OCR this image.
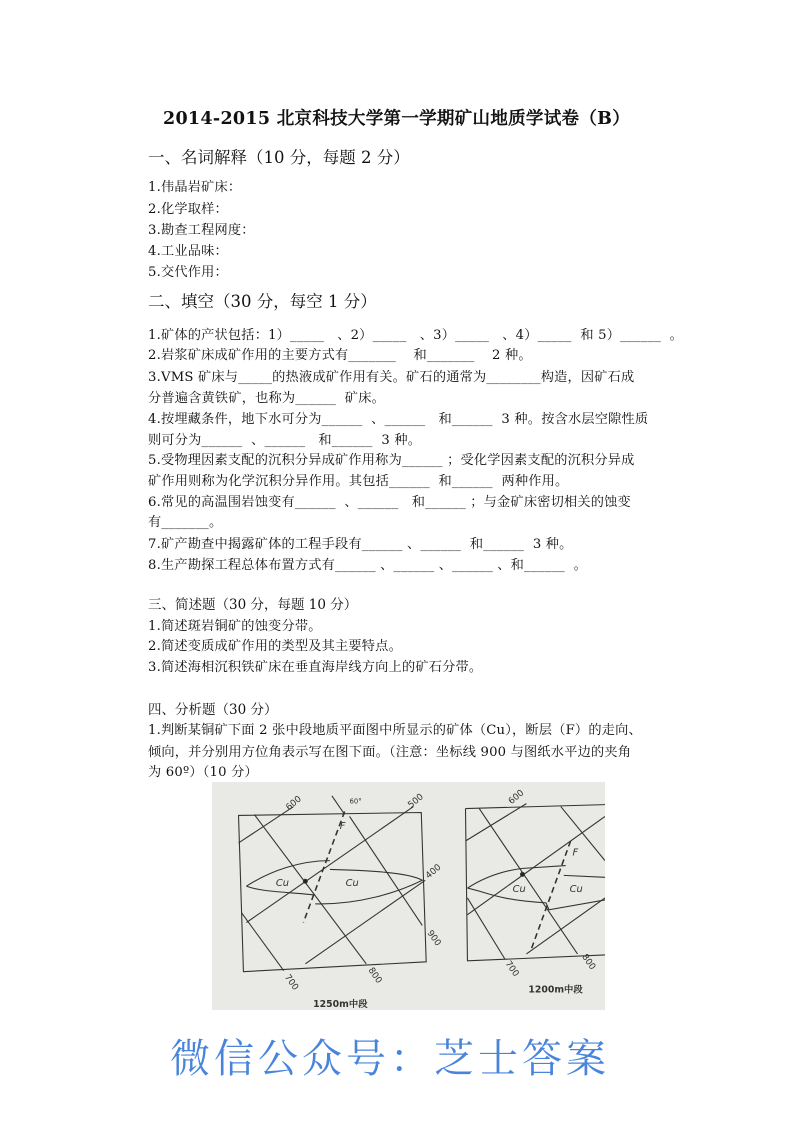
2014-2015 北京科技大学第一学期矿山地质学试卷（B）
一、名词解释（10 分，每题 2 分）
1.伟晶岩矿床：
2.化学取样：
3.勘查工程网度：
4.工业品味：
5.交代作用：
二、填空（30 分，每空 1 分）
1.矿体的产状包括：1）_____   、2）_____   、3）_____   、4）_____  和 5）______  。
2.岩浆矿床成矿作用的主要方式有_______    和_______    2 种。
3.VMS 矿床与_____的热液成矿作用有关。矿石的通常为________构造，因矿石成
分普遍含黄铁矿，也称为______  矿床。
4.按埋藏条件，地下水可分为______  、______   和______  3 种。按含水层空隙性质
则可分为______  、______   和______  3 种。
5.受物理因素支配的沉积分异成矿作用称为______ ；受化学因素支配的沉积分异成
矿作用则称为化学沉积分异作用。其包括______  和______  两种作用。
6.常见的高温围岩蚀变有______  、______   和______ ；与金矿床密切相关的蚀变
有_______。
7.矿产勘查中揭露矿体的工程手段有______ 、______  和______  3 种。
8.生产勘探工程总体布置方式有______ 、______ 、______ 、和______  。
三、简述题（30 分，每题 10 分）
1.简述斑岩铜矿的蚀变分带。
2.简述变质成矿作用的类型及其主要特点。
3.简述海相沉积铁矿床在垂直海岸线方向上的矿石分带。
四、分析题（30 分）
1.判断某铜矿下面 2 张中段地质平面图中所显示的矿体（Cu），断层（F）的走向、
倾向，并分别用方位角表示写在图下面。（注意：坐标线 900 与图纸水平边的夹角
为 60º）（10 分）
600	500
400
900
800
700
60°
F
Cu	Cu
1250m中段
600
700	800
F
Cu	Cu
1200m中段
微信公众号：芝士答案
